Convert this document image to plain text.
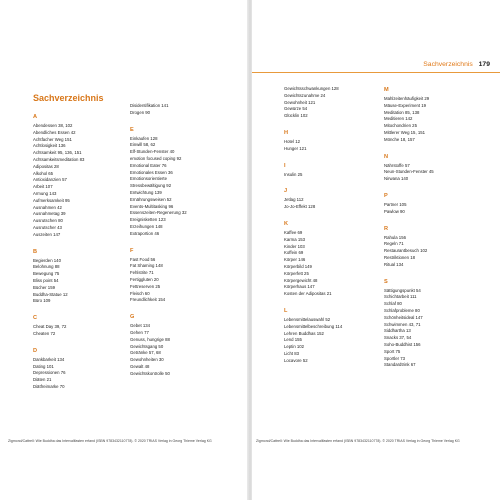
Sachverzeichnis
A
Abendessen 38, 102
Abendliches Essen 42
Achtfacher Weg 151
Achtlosigkeit 136
Achtsamkeit 95, 136, 151
Achtsamkeitsmeditation 83
Adipositas 28
Alkohol 65
Antioxidanzien 57
Arbeit 107
Armung 143
Aufmerksamkeit 95
Ausnahmen 42
Ausnahmetag 39
Ausrutschen 80
Ausrutscher 43
Auszeiten 147
B
Begierden 140
Belohnung 88
Bewegung 75
Bliss point 54
Bücher 159
Buddha-Statue 12
Büro 109
C
Cheat Day 39, 72
Cheaten 72
D
Dankbarkeit 134
Dating 101
Depressionen 76
Diäten 21
Diätfreimarke 70
Disidentifikation 141
Drogen 90
E
Einkaufen 128
Einwill 58, 62
Elf-Stunden-Fenster 40
emotion focused coping 92
Emotional Eater 76
Emotionales Essen 36
Emotionsorientierte
Stressbewältigung 92
Entwichtung 139
Ernährungsweisen 52
Events-Multitasking 96
Essenszeiten-Regenerung 32
Ereignisketten 123
Erzeihungen 148
Extraportion 46
F
Fast Food 56
Fat Shaming 148
Fehlstrite 71
Fertiggluten 20
Fettreserven 25
Fleisch 60
Freundlichkeit 154
G
Gebet 134
Gehen 77
Genuss, hungrige 88
Gewichtsgang 50
Getränke 57, 68
Gewohnheiten 30
Gewalt 48
Gewichtskontrolle 50
Zigmond/Cattrell: Wie Buddha das Intervallfasten erfand (ISBN 9783432110778). © 2020 TRIAS Verlag in Georg Thieme Verlag KG
Sachverzeichnis 179
Gewichtsschwankungen 128
Gewichtszunahme 24
Gewohnheit 121
Gewürze 54
Glücklin 102
H
Hotel 12
Hunger 121
I
Insulin 25
J
Jetlag 112
Jo-Jo-Effekt 128
K
Kaffee 69
Karma 153
Kinder 103
Koffein 69
Körper 146
Körperbild 149
Körperfett 25
Körpergewicht 48
Körperhaus 147
Kosten der Adipositas 21
L
Lebensmittelauswahl 52
Lebensmittelbeschreibung 114
Lehren Buddhas 152
Lend 155
Leptin 102
Licht 83
Locavore 52
M
Mahlzeitenhäufigkeit 29
Mäuse-Experiment 19
Meditation 85, 138
Meditieren 142
Mitochondrien 25
Mittlerer Weg 15, 151
Mönche 18, 157
N
Nährstoffe 57
Neun-Stunden-Fenster 45
Nirwana 140
P
Partner 105
Pawlow 90
R
Rahula 156
Regeln 71
Restaurantbesuch 102
Restriktionen 18
Ritual 134
S
Sättigungspunkt 54
Schichtarbeit 111
Schlaf 80
Schlafprobleme 80
Schönheitsideal 147
Schwimmen 43, 71
Siddhartha 13
Snacks 37, 54
Soho-Buddhist 156
Sport 75
Sportler 73
Standardtrink 67
Zigmond/Cattrell: Wie Buddha das Intervallfasten erfand (ISBN 9783432110778). © 2020 TRIAS Verlag in Georg Thieme Verlag KG
